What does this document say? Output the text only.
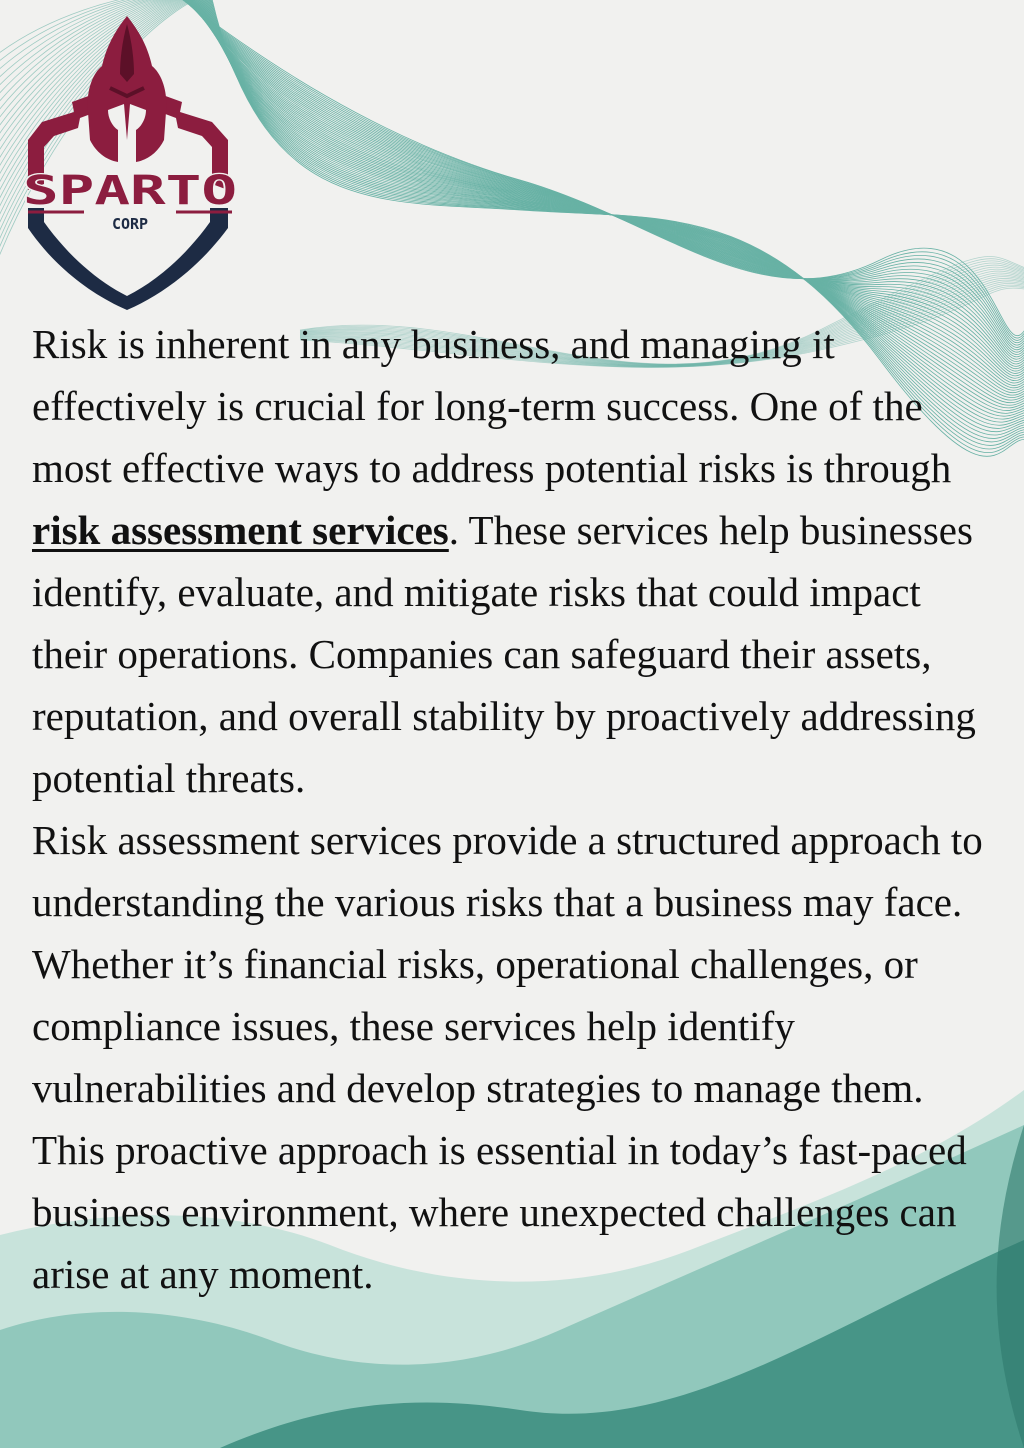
SPARTO
CORP

Risk is inherent in any business, and managing it effectively is crucial for long-term success. One of the most effective ways to address potential risks is through risk assessment services. These services help businesses identify, evaluate, and mitigate risks that could impact their operations. Companies can safeguard their assets, reputation, and overall stability by proactively addressing potential threats.

Risk assessment services provide a structured approach to understanding the various risks that a business may face. Whether it’s financial risks, operational challenges, or compliance issues, these services help identify vulnerabilities and develop strategies to manage them. This proactive approach is essential in today’s fast-paced business environment, where unexpected challenges can arise at any moment.
